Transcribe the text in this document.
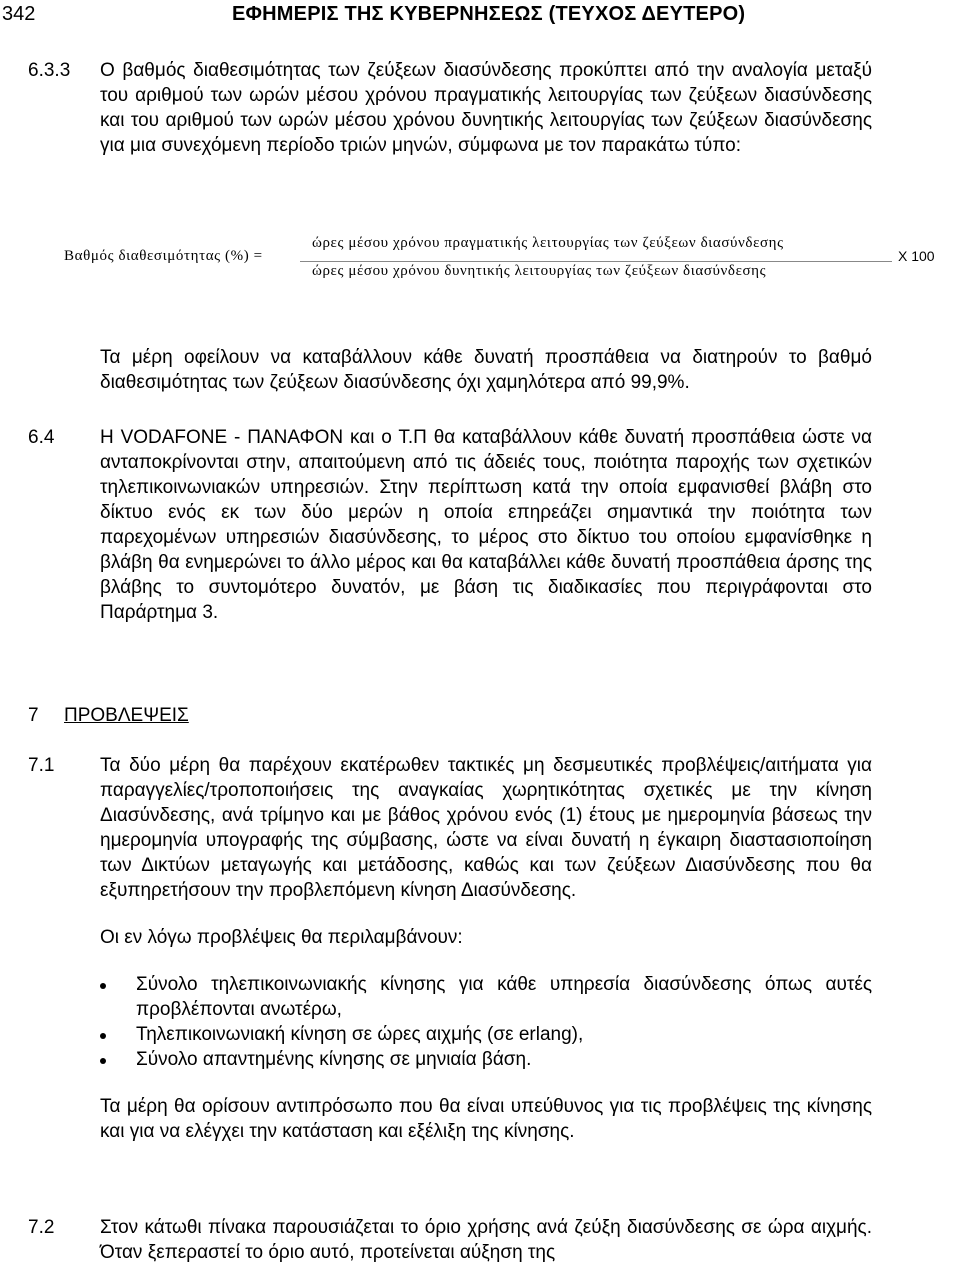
342	ΕΦΗΜΕΡΙΣ ΤΗΣ ΚΥΒΕΡΝΗΣΕΩΣ (ΤΕΥΧΟΣ ΔΕΥΤΕΡΟ)
6.3.3 Ο βαθμός διαθεσιμότητας των ζεύξεων διασύνδεσης προκύπτει από την αναλογία μεταξύ του αριθμού των ωρών μέσου χρόνου πραγματικής λειτουργίας των ζεύξεων διασύνδεσης και του αριθμού των ωρών μέσου χρόνου δυνητικής λειτουργίας των ζεύξεων διασύνδεσης για μια συνεχόμενη περίοδο τριών μηνών, σύμφωνα με τον παρακάτω τύπο:

Βαθμός διαθεσιμότητας (%) =
ώρες μέσου χρόνου πραγματικής λειτουργίας των ζεύξεων διασύνδεσης
ώρες μέσου χρόνου δυνητικής λειτουργίας των ζεύξεων διασύνδεσης
X 100

Τα μέρη οφείλουν να καταβάλλουν κάθε δυνατή προσπάθεια να διατηρούν το βαθμό διαθεσιμότητας των ζεύξεων διασύνδεσης όχι χαμηλότερα από 99,9%.

6.4 Η VODAFONE - ΠΑΝΑΦΟΝ και ο Τ.Π θα καταβάλλουν κάθε δυνατή προσπάθεια ώστε να ανταποκρίνονται στην, απαιτούμενη από τις άδειές τους, ποιότητα παροχής των σχετικών τηλεπικοινωνιακών υπηρεσιών. Στην περίπτωση κατά την οποία εμφανισθεί βλάβη στο δίκτυο ενός εκ των δύο μερών η οποία επηρεάζει σημαντικά την ποιότητα των παρεχομένων υπηρεσιών διασύνδεσης, το μέρος στο δίκτυο του οποίου εμφανίσθηκε η βλάβη θα ενημερώνει το άλλο μέρος και θα καταβάλλει κάθε δυνατή προσπάθεια άρσης της βλάβης το συντομότερο δυνατόν, με βάση τις διαδικασίες που περιγράφονται στο Παράρτημα 3.

7 ΠΡΟΒΛΕΨΕΙΣ
7.1 Τα δύο μέρη θα παρέχουν εκατέρωθεν τακτικές μη δεσμευτικές προβλέψεις/αιτήματα για παραγγελίες/τροποποιήσεις της αναγκαίας χωρητικότητας σχετικές με την κίνηση Διασύνδεσης, ανά τρίμηνο και με βάθος χρόνου ενός (1) έτους με ημερομηνία βάσεως την ημερομηνία υπογραφής της σύμβασης, ώστε να είναι δυνατή η έγκαιρη διαστασιοποίηση των Δικτύων μεταγωγής και μετάδοσης, καθώς και των ζεύξεων Διασύνδεσης που θα εξυπηρετήσουν την προβλεπόμενη κίνηση Διασύνδεσης.

Οι εν λόγω προβλέψεις θα περιλαμβάνουν:

Σύνολο τηλεπικοινωνιακής κίνησης για κάθε υπηρεσία διασύνδεσης όπως αυτές προβλέπονται ανωτέρω,
Τηλεπικοινωνιακή κίνηση σε ώρες αιχμής (σε erlang),
Σύνολο απαντημένης κίνησης σε μηνιαία βάση.

Τα μέρη θα ορίσουν αντιπρόσωπο που θα είναι υπεύθυνος για τις προβλέψεις της κίνησης και για να ελέγχει την κατάσταση και εξέλιξη της κίνησης.

7.2 Στον κάτωθι πίνακα παρουσιάζεται το όριο χρήσης ανά ζεύξη διασύνδεσης σε ώρα αιχμής. Όταν ξεπεραστεί το όριο αυτό, προτείνεται αύξηση της
